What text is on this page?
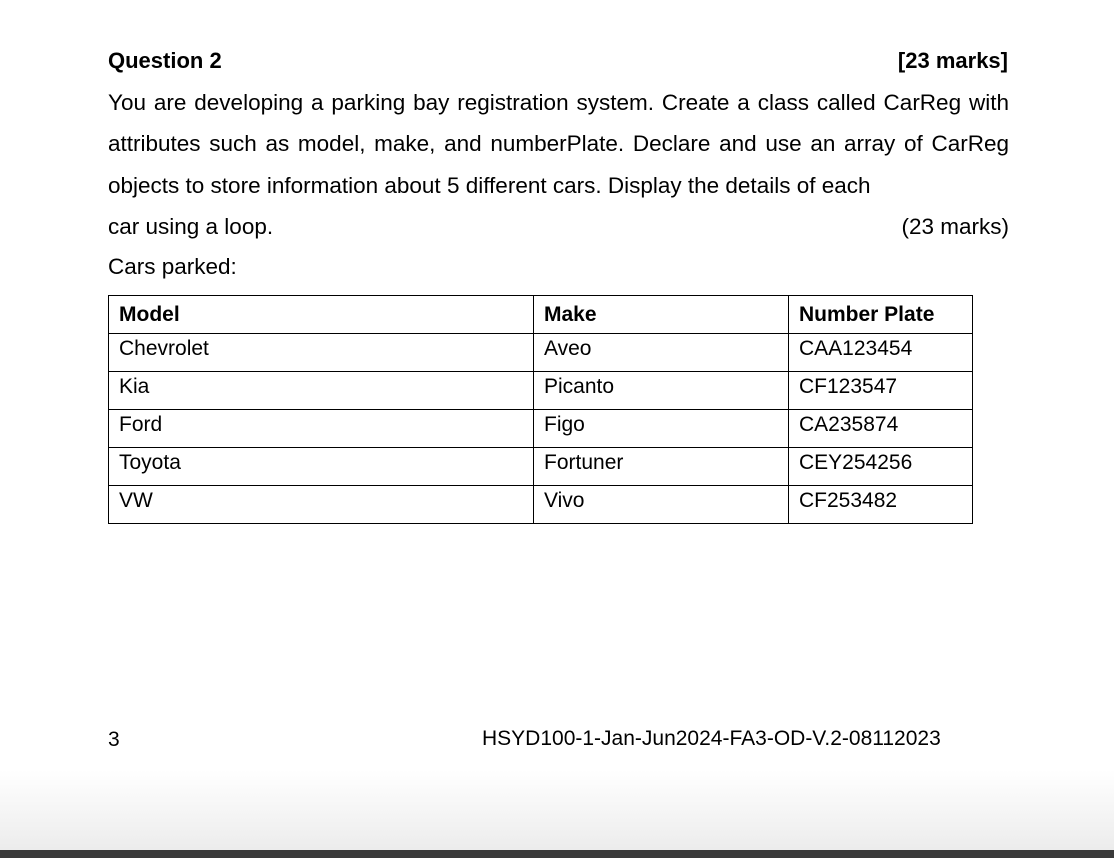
Question 2	[23 marks]
You are developing a parking bay registration system. Create a class called CarReg with attributes such as model, make, and numberPlate. Declare and use an array of CarReg objects to store information about 5 different cars. Display the details of each
car using a loop.	(23 marks)
Cars parked:
Model	Make	Number Plate
Chevrolet	Aveo	CAA123454
Kia	Picanto	CF123547
Ford	Figo	CA235874
Toyota	Fortuner	CEY254256
VW	Vivo	CF253482
3	HSYD100-1-Jan-Jun2024-FA3-OD-V.2-08112023
